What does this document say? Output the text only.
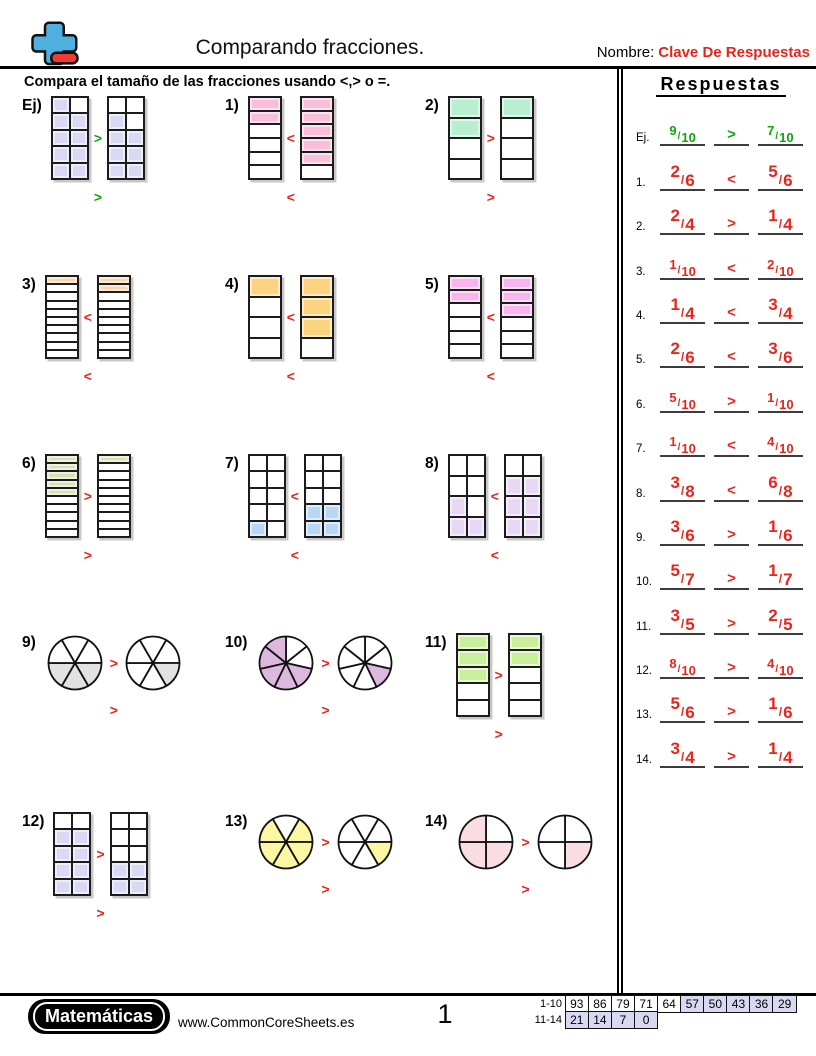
Comparando fracciones.	Nombre: Clave De Respuestas
Compara el tamaño de las fracciones usando <,> o =.
Ej)
>
>
1)
<
<
2)
>
>
3)
<
<
4)
<
<
5)
<
<
6)
>
>
7)
<
<
8)
<
<
9)
>
>
10)
>
>
11)
>
>
12)
>
>
13)
>
>
14)
>
>
Respuestas
Ej.	9 / 10 > 7 / 10
1.
2 / 6 < 5 / 6
2.
2 / 4 > 1 / 4
3.	1 / 10 < 2 / 10
4.
1 / 4 < 3 / 4
5.
2 / 6 < 3 / 6
6.	5 / 10 > 1 / 10
7.	1 / 10 < 4 / 10
8.
3 / 8 < 6 / 8
9.
3 / 6 > 1 / 6
10.
5 / 7 > 1 / 7
11.
3 / 5 > 2 / 5
12.	8 / 10 > 4 / 10
13.
5 / 6 > 1 / 6
14.
3 / 4 > 1 / 4
Matemáticas	www.CommonCoreSheets.es	1	1-10 93 86 79 71 64 57 50 43 36 29
11-14 21 14	7	0
